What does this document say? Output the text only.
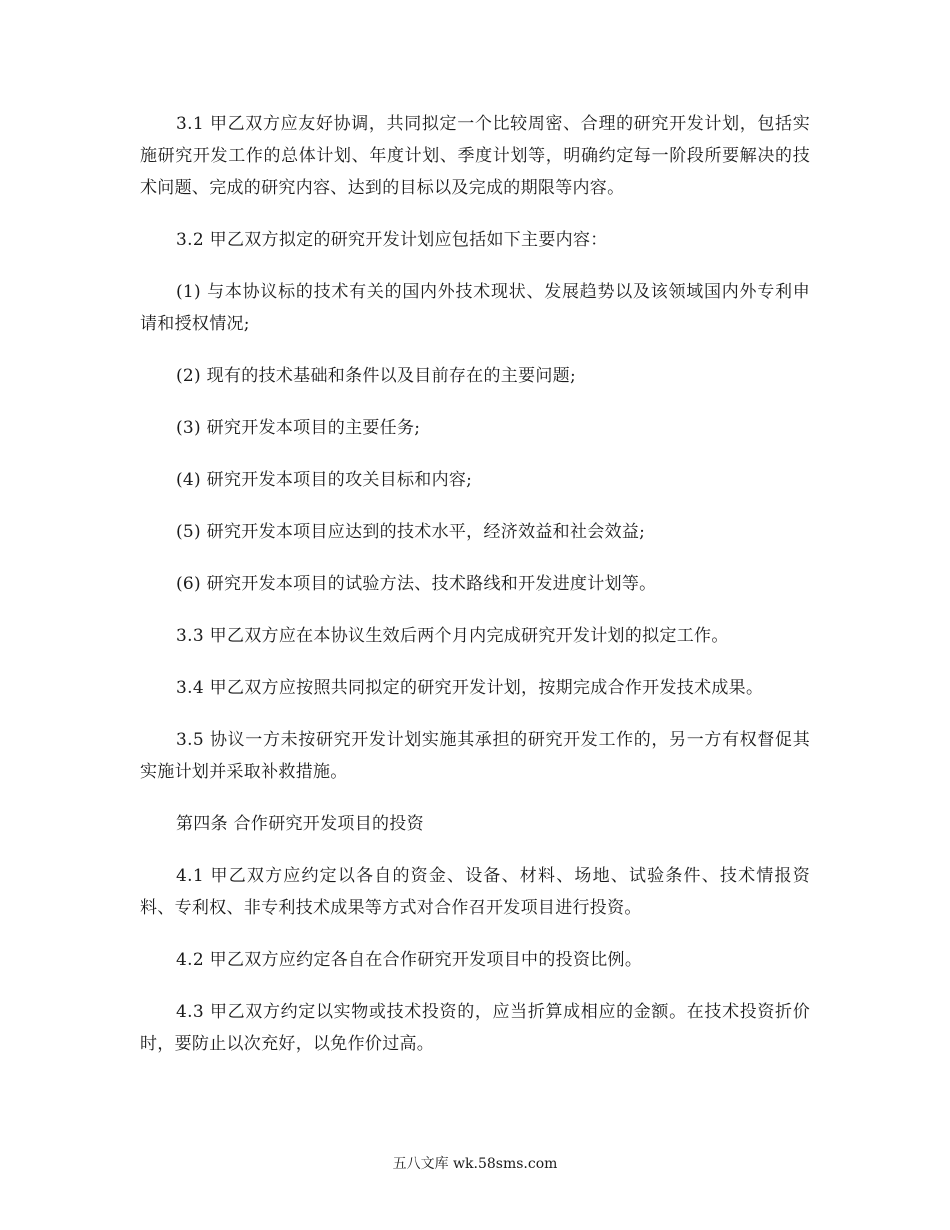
3.1 甲乙双方应友好协调，共同拟定一个比较周密、合理的研究开发计划，包括实施研究开发工作的总体计划、年度计划、季度计划等，明确约定每一阶段所要解决的技术问题、完成的研究内容、达到的目标以及完成的期限等内容。

3.2 甲乙双方拟定的研究开发计划应包括如下主要内容：

(1) 与本协议标的技术有关的国内外技术现状、发展趋势以及该领域国内外专利申请和授权情况;

(2) 现有的技术基础和条件以及目前存在的主要问题;

(3) 研究开发本项目的主要任务;

(4) 研究开发本项目的攻关目标和内容;

(5) 研究开发本项目应达到的技术水平，经济效益和社会效益;

(6) 研究开发本项目的试验方法、技术路线和开发进度计划等。

3.3 甲乙双方应在本协议生效后两个月内完成研究开发计划的拟定工作。

3.4 甲乙双方应按照共同拟定的研究开发计划，按期完成合作开发技术成果。

3.5 协议一方未按研究开发计划实施其承担的研究开发工作的，另一方有权督促其实施计划并采取补救措施。

第四条 合作研究开发项目的投资

4.1 甲乙双方应约定以各自的资金、设备、材料、场地、试验条件、技术情报资料、专利权、非专利技术成果等方式对合作召开发项目进行投资。

4.2 甲乙双方应约定各自在合作研究开发项目中的投资比例。

4.3 甲乙双方约定以实物或技术投资的，应当折算成相应的金额。在技术投资折价时，要防止以次充好，以免作价过高。

五八文库 wk.58sms.com
